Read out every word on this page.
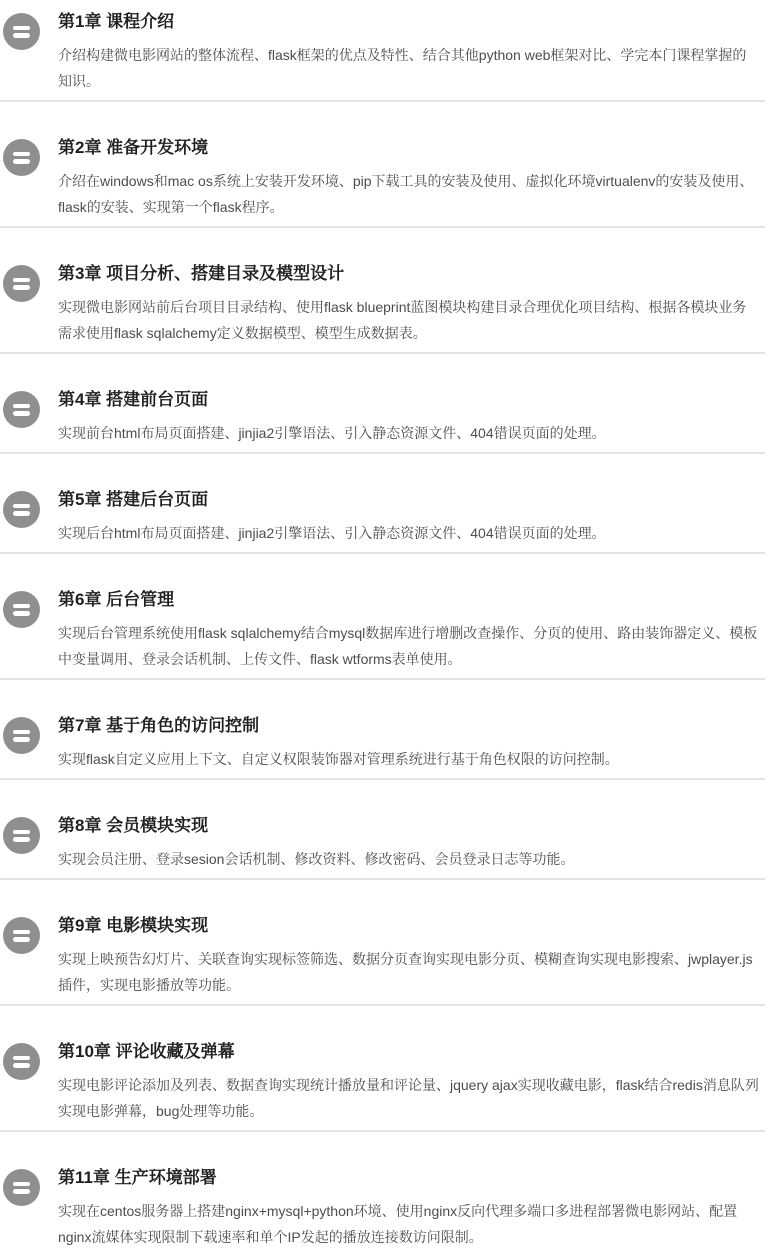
第1章 课程介绍

介绍构建微电影网站的整体流程、flask框架的优点及特性、结合其他python web框架对比、学完本门课程掌握的知识。

第2章 准备开发环境

介绍在windows和mac os系统上安装开发环境、pip下载工具的安装及使用、虚拟化环境virtualenv的安装及使用、flask的安装、实现第一个flask程序。

第3章 项目分析、搭建目录及模型设计

实现微电影网站前后台项目目录结构、使用flask blueprint蓝图模块构建目录合理优化项目结构、根据各模块业务需求使用flask sqlalchemy定义数据模型、模型生成数据表。

第4章 搭建前台页面

实现前台html布局页面搭建、jinjia2引擎语法、引入静态资源文件、404错误页面的处理。

第5章 搭建后台页面

实现后台html布局页面搭建、jinjia2引擎语法、引入静态资源文件、404错误页面的处理。

第6章 后台管理

实现后台管理系统使用flask sqlalchemy结合mysql数据库进行增删改查操作、分页的使用、路由装饰器定义、模板中变量调用、登录会话机制、上传文件、flask wtforms表单使用。

第7章 基于角色的访问控制

实现flask自定义应用上下文、自定义权限装饰器对管理系统进行基于角色权限的访问控制。

第8章 会员模块实现

实现会员注册、登录sesion会话机制、修改资料、修改密码、会员登录日志等功能。

第9章 电影模块实现

实现上映预告幻灯片、关联查询实现标签筛选、数据分页查询实现电影分页、模糊查询实现电影搜索、jwplayer.js插件，实现电影播放等功能。

第10章 评论收藏及弹幕

实现电影评论添加及列表、数据查询实现统计播放量和评论量、jquery ajax实现收藏电影，flask结合redis消息队列实现电影弹幕，bug处理等功能。

第11章 生产环境部署

实现在centos服务器上搭建nginx+mysql+python环境、使用nginx反向代理多端口多进程部署微电影网站、配置nginx流媒体实现限制下载速率和单个IP发起的播放连接数访问限制。
